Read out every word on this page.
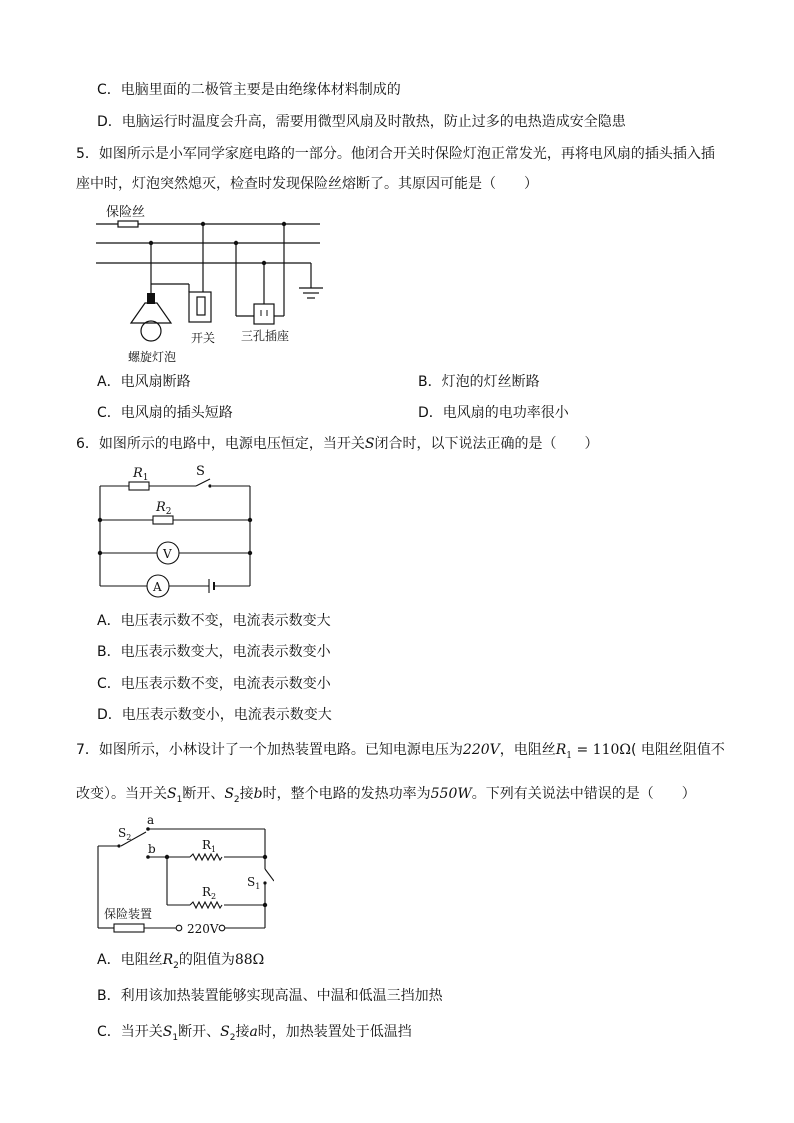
C．电脑里面的二极管主要是由绝缘体材料制成的
D．电脑运行时温度会升高，需要用微型风扇及时散热，防止过多的电热造成安全隐患
5．如图所示是小军同学家庭电路的一部分。他闭合开关时保险灯泡正常发光，再将电风扇的插头插入插
座中时，灯泡突然熄灭，检查时发现保险丝熔断了。其原因可能是（　　）
保险丝
开关 三孔插座
螺旋灯泡
A．电风扇断路	B．灯泡的灯丝断路
C．电风扇的插头短路	D．电风扇的电功率很小
6．如图所示的电路中，电源电压恒定，当开关S闭合时，以下说法正确的是（　　）
$R_1$	S
$R_2$
V
A
A．电压表示数不变，电流表示数变大
B．电压表示数变大，电流表示数变小
C．电压表示数不变，电流表示数变小
D．电压表示数变小，电流表示数变大
7．如图所示，小林设计了一个加热装置电路。已知电源电压为220V，电阻丝$R_1 = 110\Omega$( 电阻丝阻值不
改变）。当开关$S_1$断开、$S_2$接b时，整个电路的发热功率为550W。下列有关说法中错误的是（　　）
a
b
$S_2$
$R_1$
$R_2$
$S_1$
保险装置
220V
A．电阻丝$R_2$的阻值为88Ω
B．利用该加热装置能够实现高温、中温和低温三挡加热
C．当开关$S_1$断开、$S_2$接a时，加热装置处于低温挡
